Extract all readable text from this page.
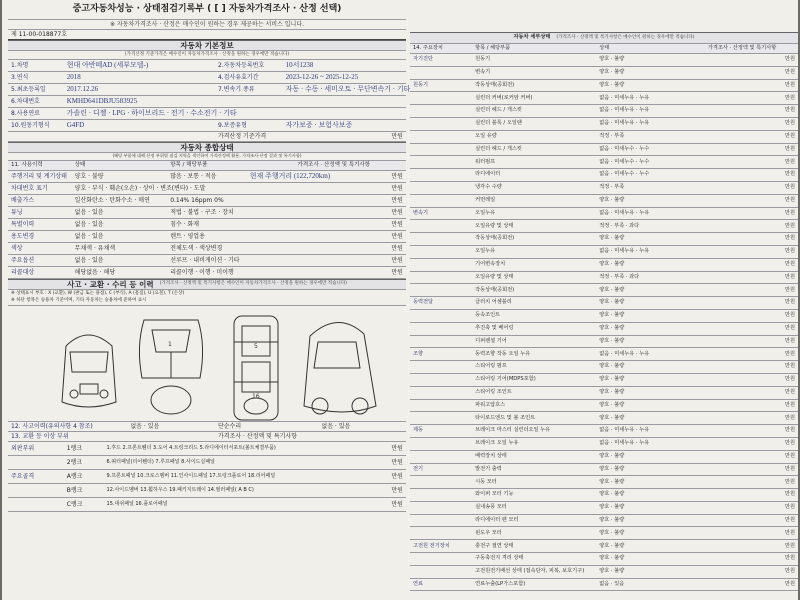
중고자동차성능 · 상태점검기록부 ( [ ] 자동차가격조사 · 산정 선택)
※ 자동차가격조사 · 산정은 매수인이 원하는 경우 제공하는 서비스 입니다.
제 11-00-018877호
자동차 기본정보
(가격산정 기준가격은 매수인이 자동차가격조사 · 산정을 원하는 경우에만 적습니다)
1.차명	현대 아반떼AD (세부모델-)	2.자동차등록번호	10서1238
3.연식	2018	4.검사유효기간	2023-12-26 ~ 2025-12-25
5.최초등록일	2017.12.26	7.변속기 종류	자동 · 수동 · 세미오토 · 무단변속기 · 기타
6.차대번호	KMHD641DBJU583925
8.사용연료	가솔린 · 디젤 · LPG · 하이브리드 · 전기 · 수소전기 · 기타
10.원동기형식	G4FD	9.보증유형	자가보증 · 보험사보증
가격산정 기준가격	만원
자동차 종합상태
(해당 부품에 대해 산정 부위별 점검 지역을 색인하여 가격산정에 활용, 가격조사·산정 결과 및 특기사항)
11. 사용이력	상태	항목 / 해당부품	가격조사 · 산정액 및 특기사항
주행거리 및 계기상태	양호 · 불량	많음 · 보통 · 적음	현재 주행거리 (122,720km)	만원
차대번호 표기	양호 · 부식 · 훼손(오손) · 상이 · 변조(변타) · 도말	만원
배출가스	일산화탄소 · 탄화수소 · 매연	0.14% 16ppm 0%	만원
튜닝	없음 · 있음	적법 · 불법 · 구조 · 장치	만원
특별이력	없음 · 있음	침수 · 화재	만원
용도변경	없음 · 있음	렌트 · 영업용	만원
색상	무채색 · 유채색	전체도색 · 색상변경	만원
주요옵션	없음 · 있음	선루프 · 내비게이션 · 기타	만원
리콜대상	해당없음 · 해당	리콜이행 · 이행 · 미이행	만원
사고 · 교환 · 수리 등 이력 (가격조사 · 산정액 및 특기사항은 매수인이 자동차가격조사 · 산정을 원하는 경우에만 적습니다)
※ 상태표시 부호 : X (교환), W (판금 또는 용접), C (부식), A (흠집), U (요철), T (손상)
※ 하단 항목은 승용차 기준이며, 기타 자동차는 승용차에 준하여 표시
1	5
16
12. 사고이력(유의사항 4 참조)	없음 · 있음	단순수리	없음 · 있음
13. 교환 등 이상 부위	가격조사 · 산정액 및 특기사항
외판부위	1랭크	1.후드 2.프론트휀더 3.도어 4.트렁크리드 5.라디에이터서포트(볼트체결부품)	만원
2랭크	6.쿼터패널(리어휀더) 7.루프패널 8.사이드실패널	만원
주요골격	A랭크	9.프론트패널 10.크로스멤버 11.인사이드패널 17.트렁크플로어 18.리어패널	만원
B랭크	12.사이드멤버 13.휠하우스 19.패키지트레이 14.필러패널( A B C)	만원
C랭크	15.대쉬패널 16.플로어패널	만원
자동차 세부상태 (가격조사 · 산정액 및 특기사항은 매수인이 원하는 경우에만 적습니다)
14. 주요장치	항목 / 해당부품	상태	가격조사 · 산정액 및 특기사항
자기진단	원동기	양호 · 불량	만원
변속기	양호 · 불량	만원
원동기	작동상태(공회전)	양호 · 불량	만원
실린더 커버(로커암 커버)	없음 · 미세누유 · 누유	만원
실린더 헤드 / 개스킷	없음 · 미세누유 · 누유	만원
실린더 블록 / 오일팬	없음 · 미세누유 · 누유	만원
오일 유량	적정 · 부족	만원
실린더 헤드 / 개스킷	없음 · 미세누수 · 누수	만원
워터펌프	없음 · 미세누수 · 누수	만원
라디에이터	없음 · 미세누수 · 누수	만원
냉각수 수량	적정 · 부족	만원
커먼레일	양호 · 불량	만원
변속기	오일누유	없음 · 미세누유 · 누유	만원
오일유량 및 상태	적정 · 부족 · 과다	만원
작동상태(공회전)	양호 · 불량	만원
오일누유	없음 · 미세누유 · 누유	만원
기어변속장치	양호 · 불량	만원
오일유량 및 상태	적정 · 부족 · 과다	만원
작동상태(공회전)	양호 · 불량	만원
동력전달	클러치 어셈블리	양호 · 불량	만원
등속조인트	양호 · 불량	만원
추진축 및 베어링	양호 · 불량	만원
디퍼렌셜 기어	양호 · 불량	만원
조향	동력조향 작동 오일 누유	없음 · 미세누유 · 누유	만원
스티어링 펌프	양호 · 불량	만원
스티어링 기어(MDPS포함)	양호 · 불량	만원
스티어링 조인트	양호 · 불량	만원
파워고압호스	양호 · 불량	만원
타이로드엔드 및 볼 조인트	양호 · 불량	만원
제동	브레이크 마스터 실린더오일 누유	없음 · 미세누유 · 누유	만원
브레이크 오일 누유	없음 · 미세누유 · 누유	만원
배력장치 상태	양호 · 불량	만원
전기	발전기 출력	양호 · 불량	만원
시동 모터	양호 · 불량	만원
와이퍼 모터 기능	양호 · 불량	만원
실내송풍 모터	양호 · 불량	만원
라디에이터 팬 모터	양호 · 불량	만원
윈도우 모터	양호 · 불량	만원
고전원 전기장치	충전구 절연 상태	양호 · 불량	만원
구동축전지 격리 상태	양호 · 불량	만원
고전원전기배선 상태 (접속단자, 피복, 보호기구)	양호 · 불량	만원
연료	연료누출(LP가스포함)	없음 · 있음	만원
